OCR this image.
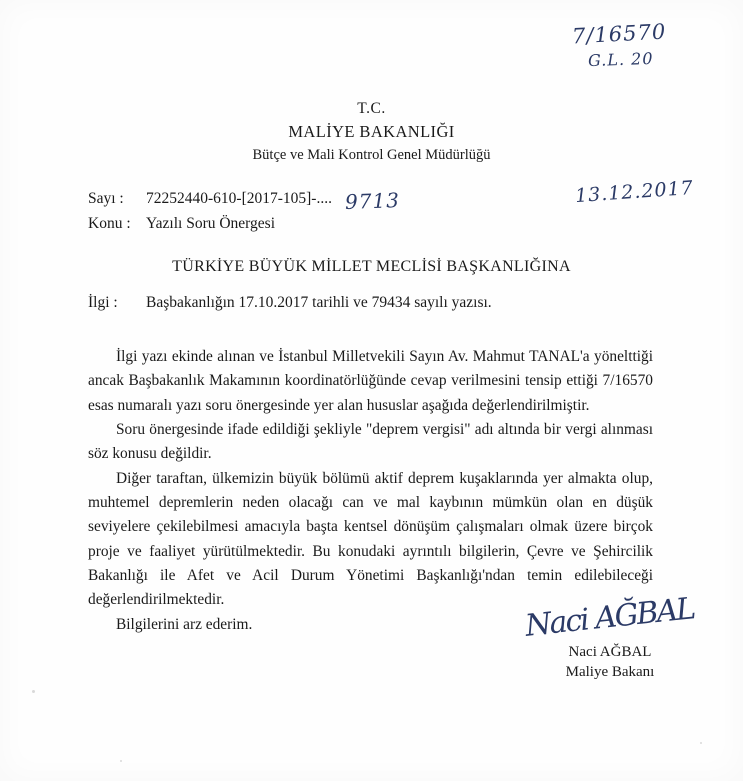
7/16570
G.L. 20
9713	13.12.2017
T.C.
MALİYE BAKANLIĞI
Bütçe ve Mali Kontrol Genel Müdürlüğü
Sayı :	72252440-610-[2017-105]-....
Konu : Yazılı Soru Önergesi
TÜRKİYE BÜYÜK MİLLET MECLİSİ BAŞKANLIĞINA
İlgi :	Başbakanlığın 17.10.2017 tarihli ve 79434 sayılı yazısı.

İlgi yazı ekinde alınan ve İstanbul Milletvekili Sayın Av. Mahmut TANAL'a yönelttiği ancak Başbakanlık Makamının koordinatörlüğünde cevap verilmesini tensip ettiği 7/16570 esas numaralı yazı soru önergesinde yer alan hususlar aşağıda değerlendirilmiştir.

Soru önergesinde ifade edildiği şekliyle "deprem vergisi" adı altında bir vergi alınması söz konusu değildir.

Diğer taraftan, ülkemizin büyük bölümü aktif deprem kuşaklarında yer almakta olup, muhtemel depremlerin neden olacağı can ve mal kaybının mümkün olan en düşük seviyelere çekilebilmesi amacıyla başta kentsel dönüşüm çalışmaları olmak üzere birçok proje ve faaliyet yürütülmektedir. Bu konudaki ayrıntılı bilgilerin, Çevre ve Şehircilik Bakanlığı ile Afet ve Acil Durum Yönetimi Başkanlığı'ndan temin edilebileceği değerlendirilmektedir.

Bilgilerini arz ederim.	Naci AĞBAL
Naci AĞBAL
Maliye Bakanı
